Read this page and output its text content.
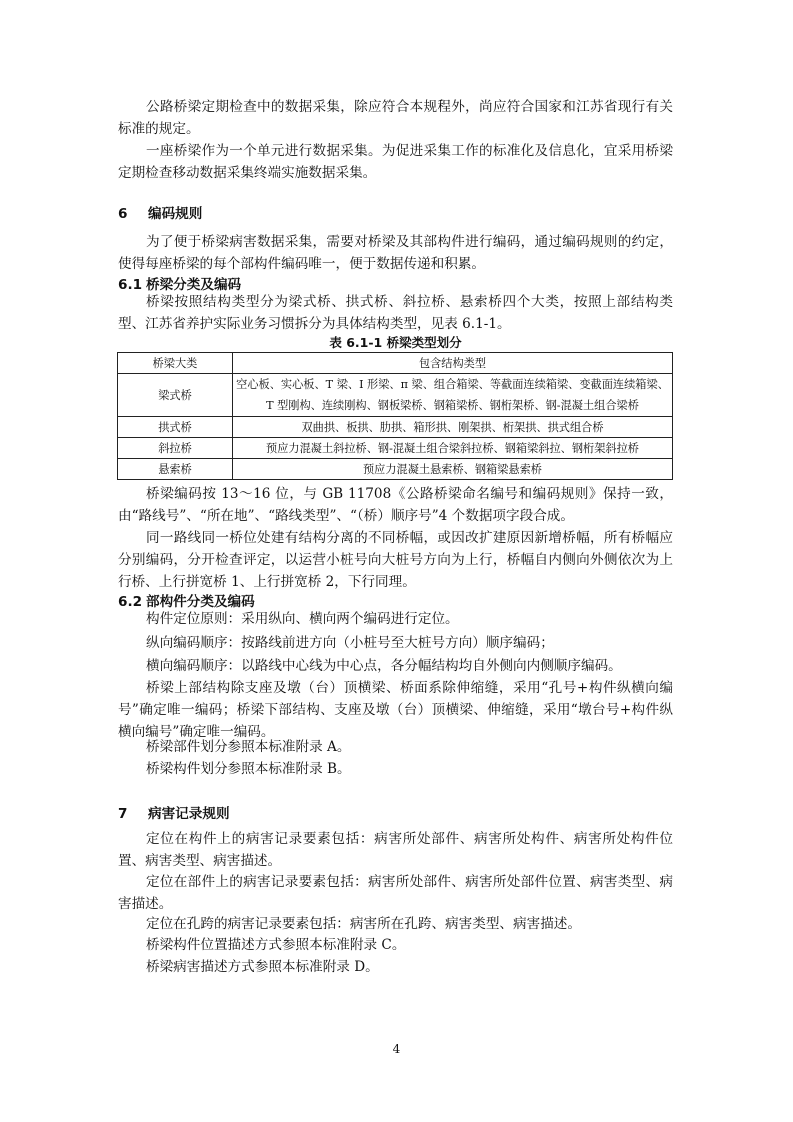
公路桥梁定期检查中的数据采集，除应符合本规程外，尚应符合国家和江苏省现行有关标准的规定。

一座桥梁作为一个单元进行数据采集。为促进采集工作的标准化及信息化，宜采用桥梁定期检查移动数据采集终端实施数据采集。

6 编码规则

为了便于桥梁病害数据采集，需要对桥梁及其部构件进行编码，通过编码规则的约定，使得每座桥梁的每个部构件编码唯一，便于数据传递和积累。

6.1 桥梁分类及编码

桥梁按照结构类型分为梁式桥、拱式桥、斜拉桥、悬索桥四个大类，按照上部结构类型、江苏省养护实际业务习惯拆分为具体结构类型，见表 6.1-1。

表 6.1-1 桥梁类型划分
桥梁大类	包含结构类型
梁式桥	空心板、实心板、T 梁、I 形梁、π 梁、组合箱梁、等截面连续箱梁、变截面连续箱梁、T 型刚构、连续刚构、钢板梁桥、钢箱梁桥、钢桁架桥、钢-混凝土组合梁桥
拱式桥	双曲拱、板拱、肋拱、箱形拱、刚架拱、桁架拱、拱式组合桥
斜拉桥	预应力混凝土斜拉桥、钢-混凝土组合梁斜拉桥、钢箱梁斜拉、钢桁架斜拉桥
悬索桥	预应力混凝土悬索桥、钢箱梁悬索桥

桥梁编码按 13～16 位，与 GB 11708《公路桥梁命名编号和编码规则》保持一致，由“路线号”、“所在地”、“路线类型”、“（桥）顺序号”4 个数据项字段合成。

同一路线同一桥位处建有结构分离的不同桥幅，或因改扩建原因新增桥幅，所有桥幅应分别编码，分开检查评定，以运营小桩号向大桩号方向为上行，桥幅自内侧向外侧依次为上行桥、上行拼宽桥 1、上行拼宽桥 2，下行同理。

6.2 部构件分类及编码

构件定位原则：采用纵向、横向两个编码进行定位。

纵向编码顺序：按路线前进方向（小桩号至大桩号方向）顺序编码；

横向编码顺序：以路线中心线为中心点，各分幅结构均自外侧向内侧顺序编码。

桥梁上部结构除支座及墩（台）顶横梁、桥面系除伸缩缝，采用“孔号+构件纵横向编号”确定唯一编码；桥梁下部结构、支座及墩（台）顶横梁、伸缩缝，采用“墩台号+构件纵横向编号”确定唯一编码。

桥梁部件划分参照本标准附录 A。

桥梁构件划分参照本标准附录 B。

7 病害记录规则

定位在构件上的病害记录要素包括：病害所处部件、病害所处构件、病害所处构件位置、病害类型、病害描述。

定位在部件上的病害记录要素包括：病害所处部件、病害所处部件位置、病害类型、病害描述。

定位在孔跨的病害记录要素包括：病害所在孔跨、病害类型、病害描述。

桥梁构件位置描述方式参照本标准附录 C。

桥梁病害描述方式参照本标准附录 D。

4
